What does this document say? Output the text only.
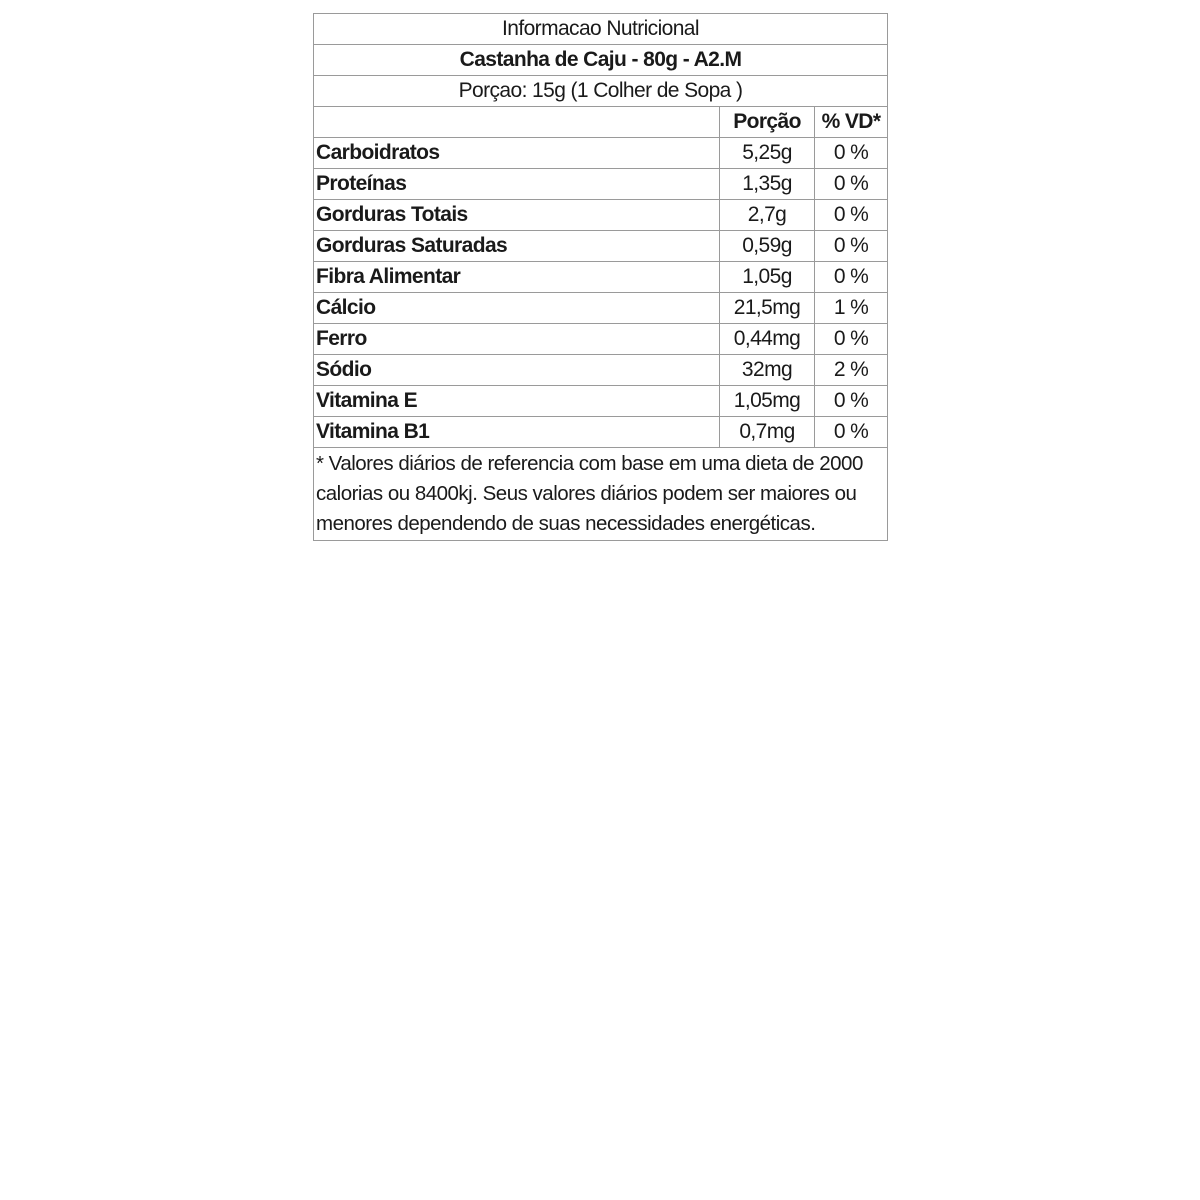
Informacao Nutricional		
Castanha de Caju - 80g - A2.M		
Porçao: 15g (1 Colher de Sopa )		
	Porção	% VD*
Carboidratos	5,25g	0 %
Proteínas	1,35g	0 %
Gorduras Totais	2,7g	0 %
Gorduras Saturadas	0,59g	0 %
Fibra Alimentar	1,05g	0 %
Cálcio	21,5mg	1 %
Ferro	0,44mg	0 %
Sódio	32mg	2 %
Vitamina E	1,05mg	0 %
Vitamina B1	0,7mg	0 %
* Valores diários de referencia com base em uma dieta de 2000 calorias ou 8400kj. Seus valores diários podem ser maiores ou menores dependendo de suas necessidades energéticas.		
